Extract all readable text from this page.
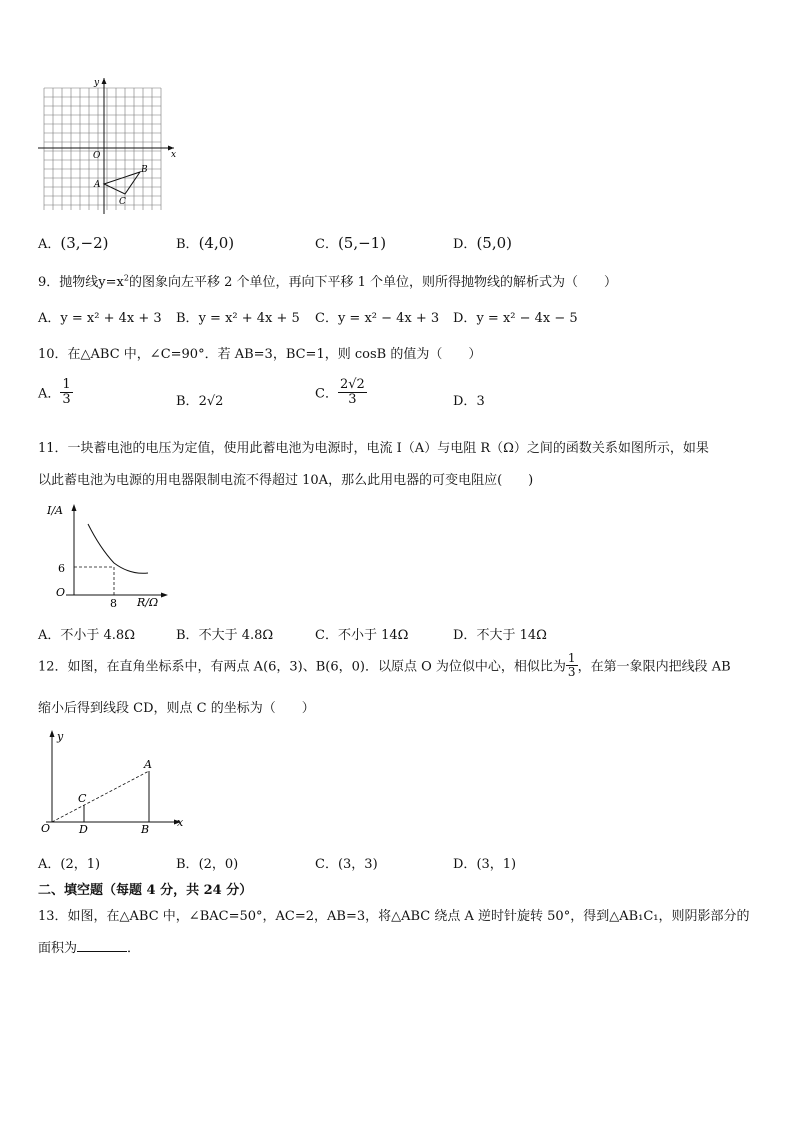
x
y
O
A
B
C
A．(3,−2)	B．(4,0)	C．(5,−1)	D．(5,0)
9．抛物线$y=x^2$的图象向左平移 2 个单位，再向下平移 1 个单位，则所得抛物线的解析式为（　　）
A．y = x² + 4x + 3 B．y = x² + 4x + 5 C．y = x² − 4x + 3 D．y = x² − 4x − 5
10．在△ABC 中，∠C=90°．若 AB=3，BC=1，则 cosB 的值为（　　）
A． $\frac{1}{3}$	B．2√2	C． $\frac{2√2}{3}$	D．3
11．一块蓄电池的电压为定值，使用此蓄电池为电源时，电流 I（A）与电阻 R（Ω）之间的函数关系如图所示，如果
以此蓄电池为电源的用电器限制电流不得超过 10A，那么此用电器的可变电阻应(　　)
I/A
R/Ω
O
6
8
A．不小于 4.8Ω	B．不大于 4.8Ω	C．不小于 14Ω	D．不大于 14Ω
12．如图，在直角坐标系中，有两点 A(6，3)、B(6，0)．以原点 O 为位似中心，相似比为 $\frac{1}{3}$ ，在第一象限内把线段 AB
缩小后得到线段 CD，则点 C 的坐标为（　　）
y
x
O
A
B
C
D
A．(2，1)	B．(2，0)	C．(3，3)	D．(3，1)
二、填空题（每题 4 分，共 24 分）
13．如图，在△ABC 中，∠BAC=50°，AC=2，AB=3，将△ABC 绕点 A 逆时针旋转 50°，得到△AB₁C₁，则阴影部分的
面积为	．
